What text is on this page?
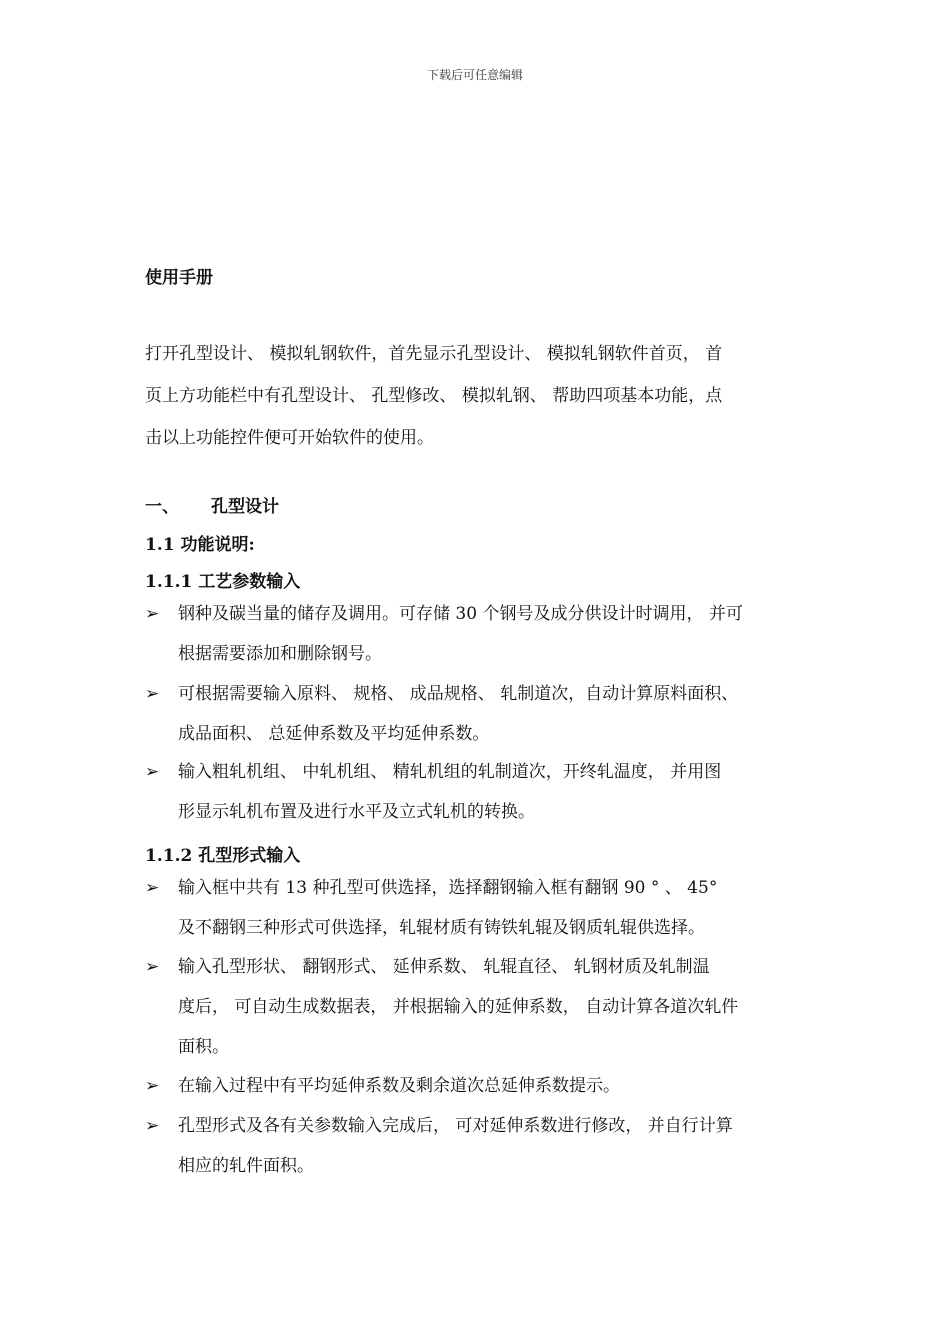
下载后可任意编辑
使用手册
打开孔型设计、 模拟轧钢软件，首先显示孔型设计、 模拟轧钢软件首页， 首
页上方功能栏中有孔型设计、 孔型修改、 模拟轧钢、 帮助四项基本功能，点
击以上功能控件便可开始软件的使用。
一、 孔型设计
1.1 功能说明:
1.1.1 工艺参数输入
➢ 钢种及碳当量的储存及调用。可存储 30 个钢号及成分供设计时调用， 并可
根据需要添加和删除钢号。
➢ 可根据需要输入原料、 规格、 成品规格、 轧制道次，自动计算原料面积、
成品面积、 总延伸系数及平均延伸系数。
➢ 输入粗轧机组、 中轧机组、 精轧机组的轧制道次，开终轧温度， 并用图
形显示轧机布置及进行水平及立式轧机的转换。
1.1.2 孔型形式输入
➢ 输入框中共有 13 种孔型可供选择，选择翻钢输入框有翻钢 90 ° 、 45°
及不翻钢三种形式可供选择，轧辊材质有铸铁轧辊及钢质轧辊供选择。
➢ 输入孔型形状、 翻钢形式、 延伸系数、 轧辊直径、 轧钢材质及轧制温
度后， 可自动生成数据表， 并根据输入的延伸系数， 自动计算各道次轧件
面积。
➢ 在输入过程中有平均延伸系数及剩余道次总延伸系数提示。
➢ 孔型形式及各有关参数输入完成后， 可对延伸系数进行修改， 并自行计算
相应的轧件面积。
